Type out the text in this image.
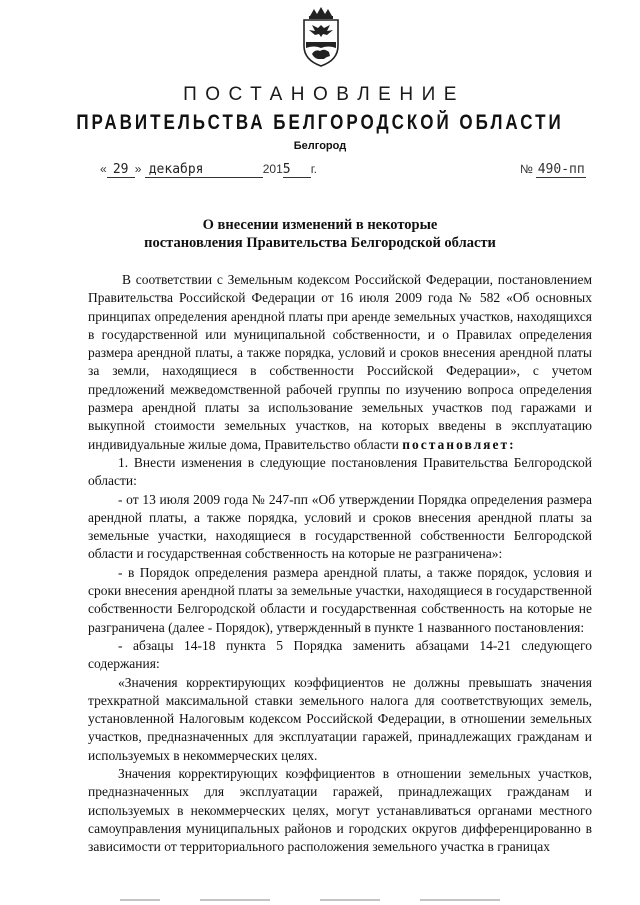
ПОСТАНОВЛЕНИЕ
ПРАВИТЕЛЬСТВА БЕЛГОРОДСКОЙ ОБЛАСТИ
Белгород
« 29 » декабря	2015 г.	№ 490-пп
О внесении изменений в некоторые
постановления Правительства Белгородской области

В соответствии с Земельным кодексом Российской Федерации, постановлением Правительства Российской Федерации от 16 июля 2009 года № 582 «Об основных принципах определения арендной платы при аренде земельных участков, находящихся в государственной или муниципальной собственности, и о Правилах определения размера арендной платы, а также порядка, условий и сроков внесения арендной платы за земли, находящиеся в собственности Российской Федерации», с учетом предложений межведомственной рабочей группы по изучению вопроса определения размера арендной платы за использование земельных участков под гаражами и выкупной стоимости земельных участков, на которых введены в эксплуатацию индивидуальные жилые дома, Правительство области постановляет:

1. Внести изменения в следующие постановления Правительства Белгородской области:

- от 13 июля 2009 года № 247-пп «Об утверждении Порядка определения размера арендной платы, а также порядка, условий и сроков внесения арендной платы за земельные участки, находящиеся в государственной собственности Белгородской области и государственная собственность на которые не разграничена»:

- в Порядок определения размера арендной платы, а также порядок, условия и сроки внесения арендной платы за земельные участки, находящиеся в государственной собственности Белгородской области и государственная собственность на которые не разграничена (далее - Порядок), утвержденный в пункте 1 названного постановления:

- абзацы 14-18 пункта 5 Порядка заменить абзацами 14-21 следующего содержания:

«Значения корректирующих коэффициентов не должны превышать значения трехкратной максимальной ставки земельного налога для соответствующих земель, установленной Налоговым кодексом Российской Федерации, в отношении земельных участков, предназначенных для эксплуатации гаражей, принадлежащих гражданам и используемых в некоммерческих целях.

Значения корректирующих коэффициентов в отношении земельных участков, предназначенных для эксплуатации гаражей, принадлежащих гражданам и используемых в некоммерческих целях, могут устанавливаться органами местного самоуправления муниципальных районов и городских округов дифференцированно в зависимости от территориального расположения земельного участка в границах
